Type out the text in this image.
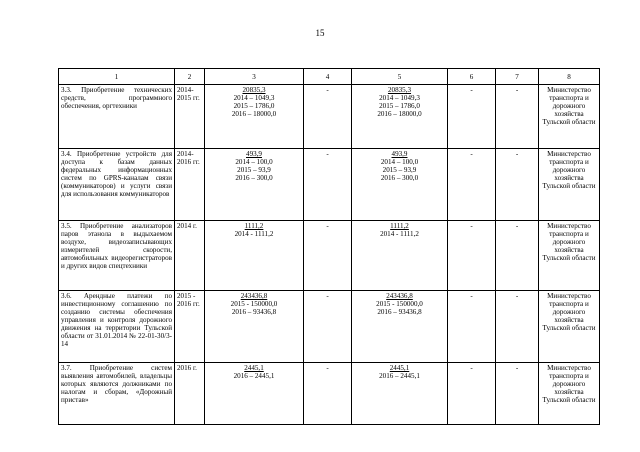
15
1	2	3	4	5	6	7	8
3.3. Приобретение технических средств, программного обеспечения, оргтехники	2014-2015 гг.	20835,3
2014 – 1049,3
2015 – 1786,0
2016 – 18000,0	-	20835,3
2014 – 1049,3
2015 – 1786,0
2016 – 18000,0	-	-	Министерство транспорта и дорожного хозяйства Тульской области
3.4. Приобретение устройств для доступа к базам данных федеральных информационных систем по GPRS-каналам связи (коммуникаторов) и услуги связи для использования коммуникаторов	2014-2016 гг.	493,9
2014 – 100,0
2015 – 93,9
2016 – 300,0	-	493,9
2014 – 100,0
2015 – 93,9
2016 – 300,0	-	-	Министерство транспорта и дорожного хозяйства Тульской области
3.5. Приобретение анализаторов паров этанола в выдыхаемом воздухе, видеозаписывающих измерителей скорости, автомобильных видеорегистраторов и других видов спецтехники	2014 г.	1111,2
2014 - 1111,2	-	1111,2
2014 - 1111,2	-	-	Министерство транспорта и дорожного хозяйства Тульской области
3.6. Арендные платежи по инвестиционному соглашению по созданию системы обеспечения управления и контроля дорожного движения на территории Тульской области от 31.01.2014 № 22-01-30/3-14	2015 - 2016 гг.	243436,8
2015 - 150000,0
2016 – 93436,8	-	243436,8
2015 - 150000,0
2016 – 93436,8	-	-	Министерство транспорта и дорожного хозяйства Тульской области
3.7. Приобретение систем выявления автомобилей, владельцы которых являются должниками по налогам и сборам, «Дорожный пристав»	2016 г.	2445,1
2016 – 2445,1	-	2445,1
2016 – 2445,1	-	-	Министерство транспорта и дорожного хозяйства Тульской области
